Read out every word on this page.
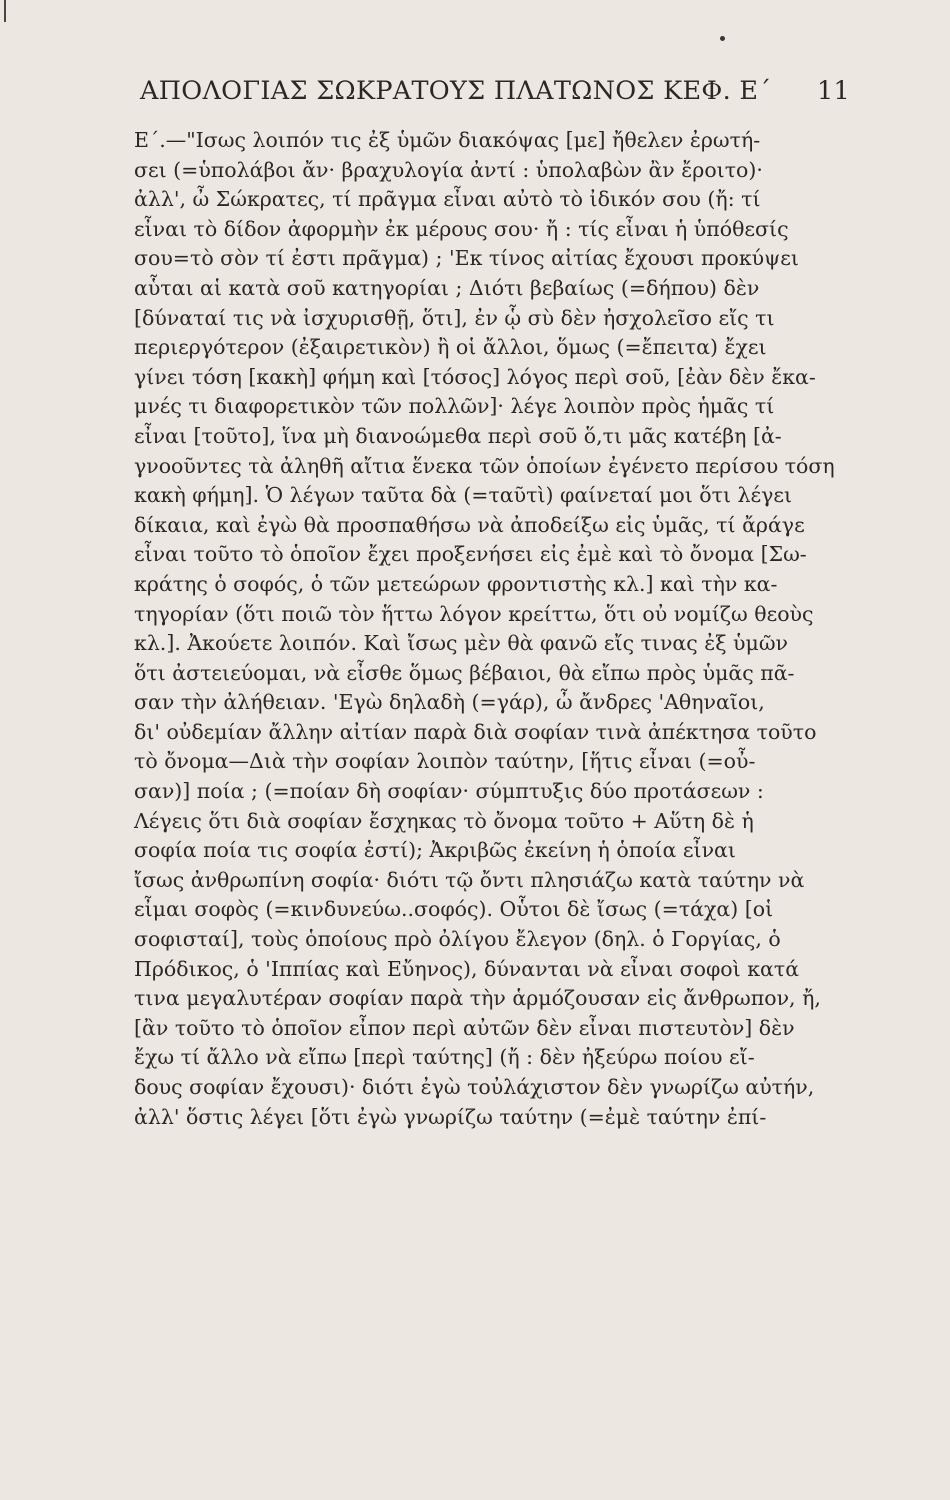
ΑΠΟΛΟΓΙΑΣ ΣΩΚΡΑΤΟΥΣ ΠΛΑΤΩΝΟΣ ΚΕΦ. Ε΄ 11
Ε΄.—"Ισως λοιπόν τις ἐξ ὑμῶν διακόψας [με] ἤθελεν ἐρωτή-
σει (=ὑπολάβοι ἄν· βραχυλογία ἀντί : ὑπολαβὼν ἂν ἔροιτο)·
ἀλλ', ὦ Σώκρατες, τί πρᾶγμα εἶναι αὐτὸ τὸ ἰδικόν σου (ἤ: τί
εἶναι τὸ δίδον ἀφορμὴν ἐκ μέρους σου· ἤ : τίς εἶναι ἡ ὑπόθεσίς
σου=τὸ σὸν τί ἐστι πρᾶγμα) ; 'Εκ τίνος αἰτίας ἔχουσι προκύψει
αὗται αἱ κατὰ σοῦ κατηγορίαι ; Διότι βεβαίως (=δήπου) δὲν
[δύναταί τις νὰ ἰσχυρισθῇ, ὅτι], ἐν ᾧ σὺ δὲν ἠσχολεῖσο εἴς τι
περιεργότερον (ἐξαιρετικὸν) ἢ οἱ ἄλλοι, ὅμως (=ἔπειτα) ἔχει
γίνει τόση [κακὴ] φήμη καὶ [τόσος] λόγος περὶ σοῦ, [ἐὰν δὲν ἔκα-
μνές τι διαφορετικὸν τῶν πολλῶν]· λέγε λοιπὸν πρὸς ἡμᾶς τί
εἶναι [τοῦτο], ἵνα μὴ διανοώμεθα περὶ σοῦ ὅ,τι μᾶς κατέβη [ἀ-
γνοοῦντες τὰ ἀληθῆ αἴτια ἕνεκα τῶν ὁποίων ἐγένετο περίσου τόση
κακὴ φήμη]. Ὁ λέγων ταῦτα δὰ (=ταῦτὶ) φαίνεταί μοι ὅτι λέγει
δίκαια, καὶ ἐγὼ θὰ προσπαθήσω νὰ ἀποδείξω εἰς ὑμᾶς, τί ἄράγε
εἶναι τοῦτο τὸ ὁποῖον ἔχει προξενήσει εἰς ἐμὲ καὶ τὸ ὄνομα [Σω-
κράτης ὁ σοφός, ὁ τῶν μετεώρων φροντιστὴς κλ.] καὶ τὴν κα-
τηγορίαν (ὅτι ποιῶ τὸν ἥττω λόγον κρείττω, ὅτι οὐ νομίζω θεοὺς
κλ.]. Ἀκούετε λοιπόν. Καὶ ἴσως μὲν θὰ φανῶ εἴς τινας ἐξ ὑμῶν
ὅτι ἀστειεύομαι, νὰ εἶσθε ὅμως βέβαιοι, θὰ εἴπω πρὸς ὑμᾶς πᾶ-
σαν τὴν ἀλήθειαν. 'Εγὼ δηλαδὴ (=γάρ), ὦ ἄνδρες 'Αθηναῖοι,
δι' οὐδεμίαν ἄλλην αἰτίαν παρὰ διὰ σοφίαν τινὰ ἀπέκτησα τοῦτο
τὸ ὄνομα—Διὰ τὴν σοφίαν λοιπὸν ταύτην, [ἥτις εἶναι (=οὖ-
σαν)] ποία ; (=ποίαν δὴ σοφίαν· σύμπτυξις δύο προτάσεων :
Λέγεις ὅτι διὰ σοφίαν ἔσχηκας τὸ ὄνομα τοῦτο + Αὕτη δὲ ἡ
σοφία ποία τις σοφία ἐστί); Ἀκριβῶς ἐκείνη ἡ ὁποία εἶναι
ἴσως ἀνθρωπίνη σοφία· διότι τῷ ὄντι πλησιάζω κατὰ ταύτην νὰ
εἶμαι σοφὸς (=κινδυνεύω..σοφός). Οὗτοι δὲ ἴσως (=τάχα) [οἱ
σοφισταί], τοὺς ὁποίους πρὸ ὀλίγου ἔλεγον (δηλ. ὁ Γοργίας, ὁ
Πρόδικος, ὁ 'Ιππίας καὶ Εὔηνος), δύνανται νὰ εἶναι σοφοὶ κατά
τινα μεγαλυτέραν σοφίαν παρὰ τὴν ἁρμόζουσαν εἰς ἄνθρωπον, ἤ,
[ἂν τοῦτο τὸ ὁποῖον εἶπον περὶ αὐτῶν δὲν εἶναι πιστευτὸν] δὲν
ἔχω τί ἄλλο νὰ εἴπω [περὶ ταύτης] (ἤ : δὲν ἠξεύρω ποίου εἴ-
δους σοφίαν ἔχουσι)· διότι ἐγὼ τοὐλάχιστον δὲν γνωρίζω αὐτήν,
ἀλλ' ὅστις λέγει [ὅτι ἐγὼ γνωρίζω ταύτην (=ἐμὲ ταύτην ἐπί-
